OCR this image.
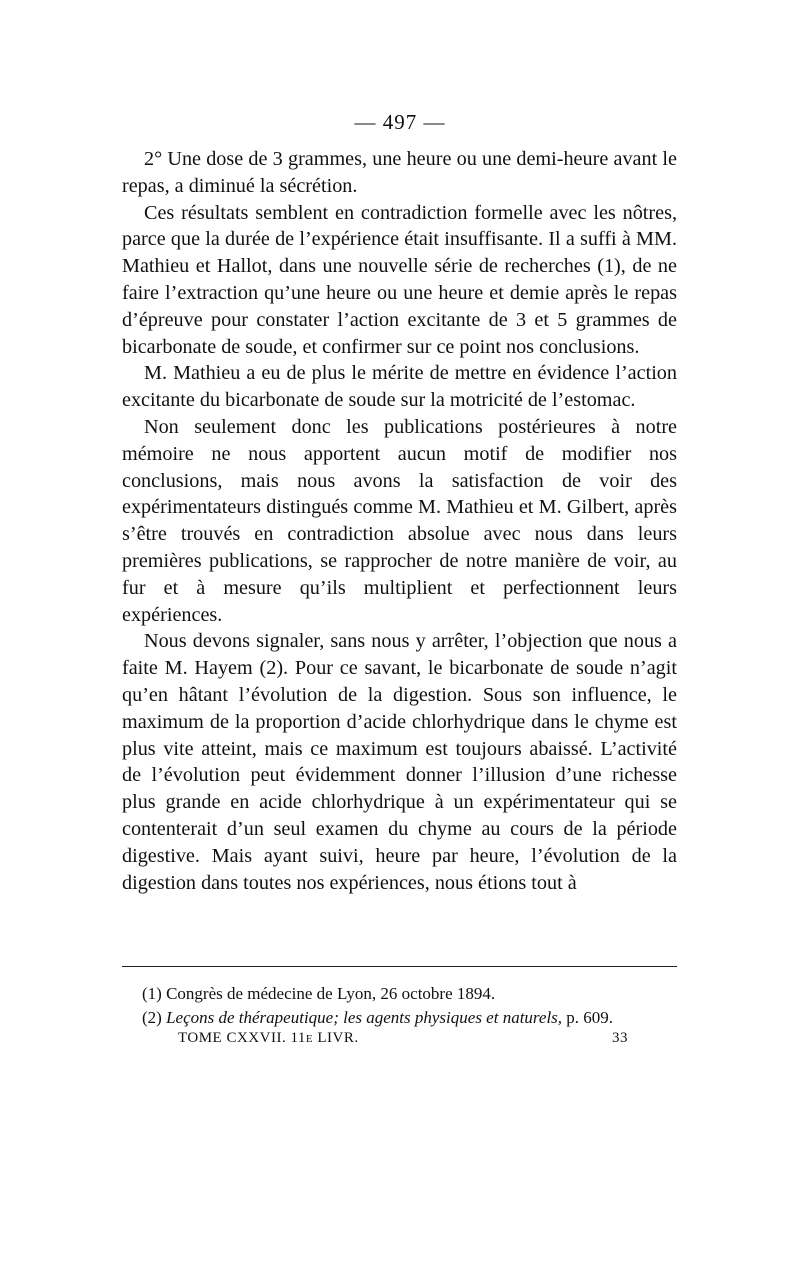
— 497 —

2° Une dose de 3 grammes, une heure ou une demi-heure avant le repas, a diminué la sécrétion.

Ces résultats semblent en contradiction formelle avec les nôtres, parce que la durée de l’expérience était insuffisante. Il a suffi à MM. Mathieu et Hallot, dans une nouvelle série de recherches (1), de ne faire l’extraction qu’une heure ou une heure et demie après le repas d’épreuve pour constater l’action excitante de 3 et 5 grammes de bicarbonate de soude, et confirmer sur ce point nos conclusions.

M. Mathieu a eu de plus le mérite de mettre en évidence l’action excitante du bicarbonate de soude sur la motricité de l’estomac.

Non seulement donc les publications postérieures à notre mémoire ne nous apportent aucun motif de modifier nos conclusions, mais nous avons la satisfaction de voir des expérimentateurs distingués comme M. Mathieu et M. Gilbert, après s’être trouvés en contradiction absolue avec nous dans leurs premières publications, se rapprocher de notre manière de voir, au fur et à mesure qu’ils multiplient et perfectionnent leurs expériences.

Nous devons signaler, sans nous y arrêter, l’objection que nous a faite M. Hayem (2). Pour ce savant, le bicarbonate de soude n’agit qu’en hâtant l’évolution de la digestion. Sous son influence, le maximum de la proportion d’acide chlorhydrique dans le chyme est plus vite atteint, mais ce maximum est toujours abaissé. L’activité de l’évolution peut évidemment donner l’illusion d’une richesse plus grande en acide chlorhydrique à un expérimentateur qui se contenterait d’un seul examen du chyme au cours de la période digestive. Mais ayant suivi, heure par heure, l’évolution de la digestion dans toutes nos expériences, nous étions tout à

(1) Congrès de médecine de Lyon, 26 octobre 1894.

(2) Leçons de thérapeutique; les agents physiques et naturels, p. 609.

TOME CXXVII. 11e LIVR.	33
